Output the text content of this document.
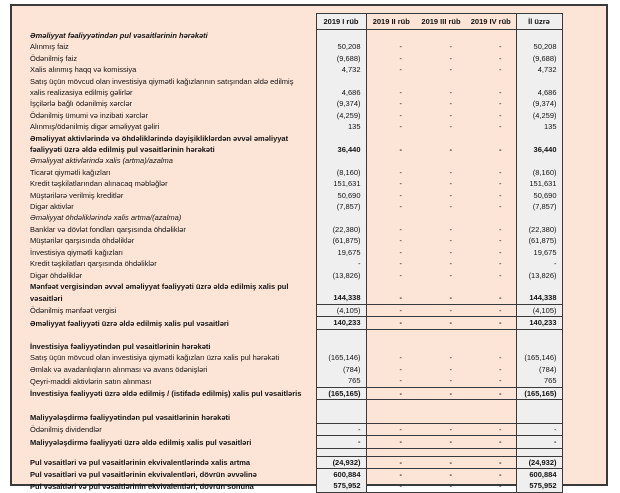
	2019 I rüb	2019 II rüb	2019 III rüb	2019 IV rüb	İl üzrə	
Əməliyyat fəaliyyətindən pul vəsaitlərinin hərəkəti						
Alınmış faiz	50,208	-	-	-	50,208	
Ödənilmiş faiz	(9,688)	-	-	-	(9,688)	
Xalis alınmış haqq və komissiya	4,732	-	-	-	4,732	
Satış üçün mövcud olan investisiya qiymətli kağızlarının satışından əldə edilmiş						
xalis realizasiya edilmiş gəlirlər	4,686	-	-	-	4,686	
İşçilərlə bağlı ödənilmiş xərclər	(9,374)	-	-	-	(9,374)	
Ödənilmiş ümumi və inzibati xərclər	(4,259)	-	-	-	(4,259)	
Alınmış/ödənilmiş digər əməliyyat gəliri	135	-	-	-	135	
Əməliyyat aktivlərində və öhdəliklərində dəyişikliklərdən əvvəl əməliyyat						
fəaliyyəti üzrə əldə edilmiş pul vəsaitlərinin hərəkəti	36,440	-	-	-	36,440	
Əməliyyat aktivlərində xalis (artma)/azalma						
Ticarət qiymətli kağızları	(8,160)	-	-	-	(8,160)	
Kredit təşkilatlarından alınacaq məbləğlər	151,631	-	-	-	151,631	
Müştərilərə verilmiş kreditlər	50,690	-	-	-	50,690	
Digər aktivlər	(7,857)	-	-	-	(7,857)	
Əməliyyat öhdəliklərində xalis artma/(azalma)						
Banklar və dövlət fondları qarşısında öhdəliklər	(22,380)	-	-	-	(22,380)	
Müştərilər qarşısında öhdəliklər	(61,875)	-	-	-	(61,875)	
İnvestisiya qiymətli kağızları	19,675	-	-	-	19,675	
Kredit təşkilatları qarşısında öhdəliklər	-	-	-	-	-	
Digər öhdəliklər	(13,826)	-	-	-	(13,826)	
Mənfəət vergisindən əvvəl əməliyyat fəaliyyəti üzrə əldə edilmiş xalis pul						
vəsaitləri	144,338	-	-	-	144,338	
Ödənilmiş mənfəət vergisi	(4,105)	-	-	-	(4,105)	
Əməliyyat fəaliyyəti üzrə əldə edilmiş xalis pul vəsaitləri	140,233	-	-	-	140,233	

İnvestisiya fəaliyyətindən pul vəsaitlərinin hərəkəti						
Satış üçün mövcud olan investisiya qiymətli kağızları üzrə xalis pul hərəkəti	(165,146)	-	-	-	(165,146)	
Əmlak və avadanlıqların alınması və avans ödənişləri	(784)	-	-	-	(784)	
Qeyri-maddi aktivlərin satın alınması	765	-	-	-	765	
İnvestisiya fəaliyyəti üzrə əldə edilmiş / (istifadə edilmiş) xalis pul vəsaitləris	(165,165)	-	-	-	(165,165)	

Maliyyələşdirmə fəaliyyətindən pul vəsaitlərinin hərəkəti						
Ödənilmiş dividendlər	-	-	-	-	-	
Maliyyələşdirmə fəaliyyəti üzrə əldə edilmiş xalis pul vəsaitləri	-	-	-	-	-	

Pul vəsaitləri və pul vəsaitlərinin ekvivalentlərində xalis artma	(24,932)	-	-	-	(24,932)	
Pul vəsaitləri və pul vəsaitlərinin ekvivalentləri, dövrün əvvəlinə	600,884	-	-	-	600,884	
Pul vəsaitləri və pul vəsaitlərinin ekvivalentləri, dövrün sonuna	575,952	-	-	-	575,952	
